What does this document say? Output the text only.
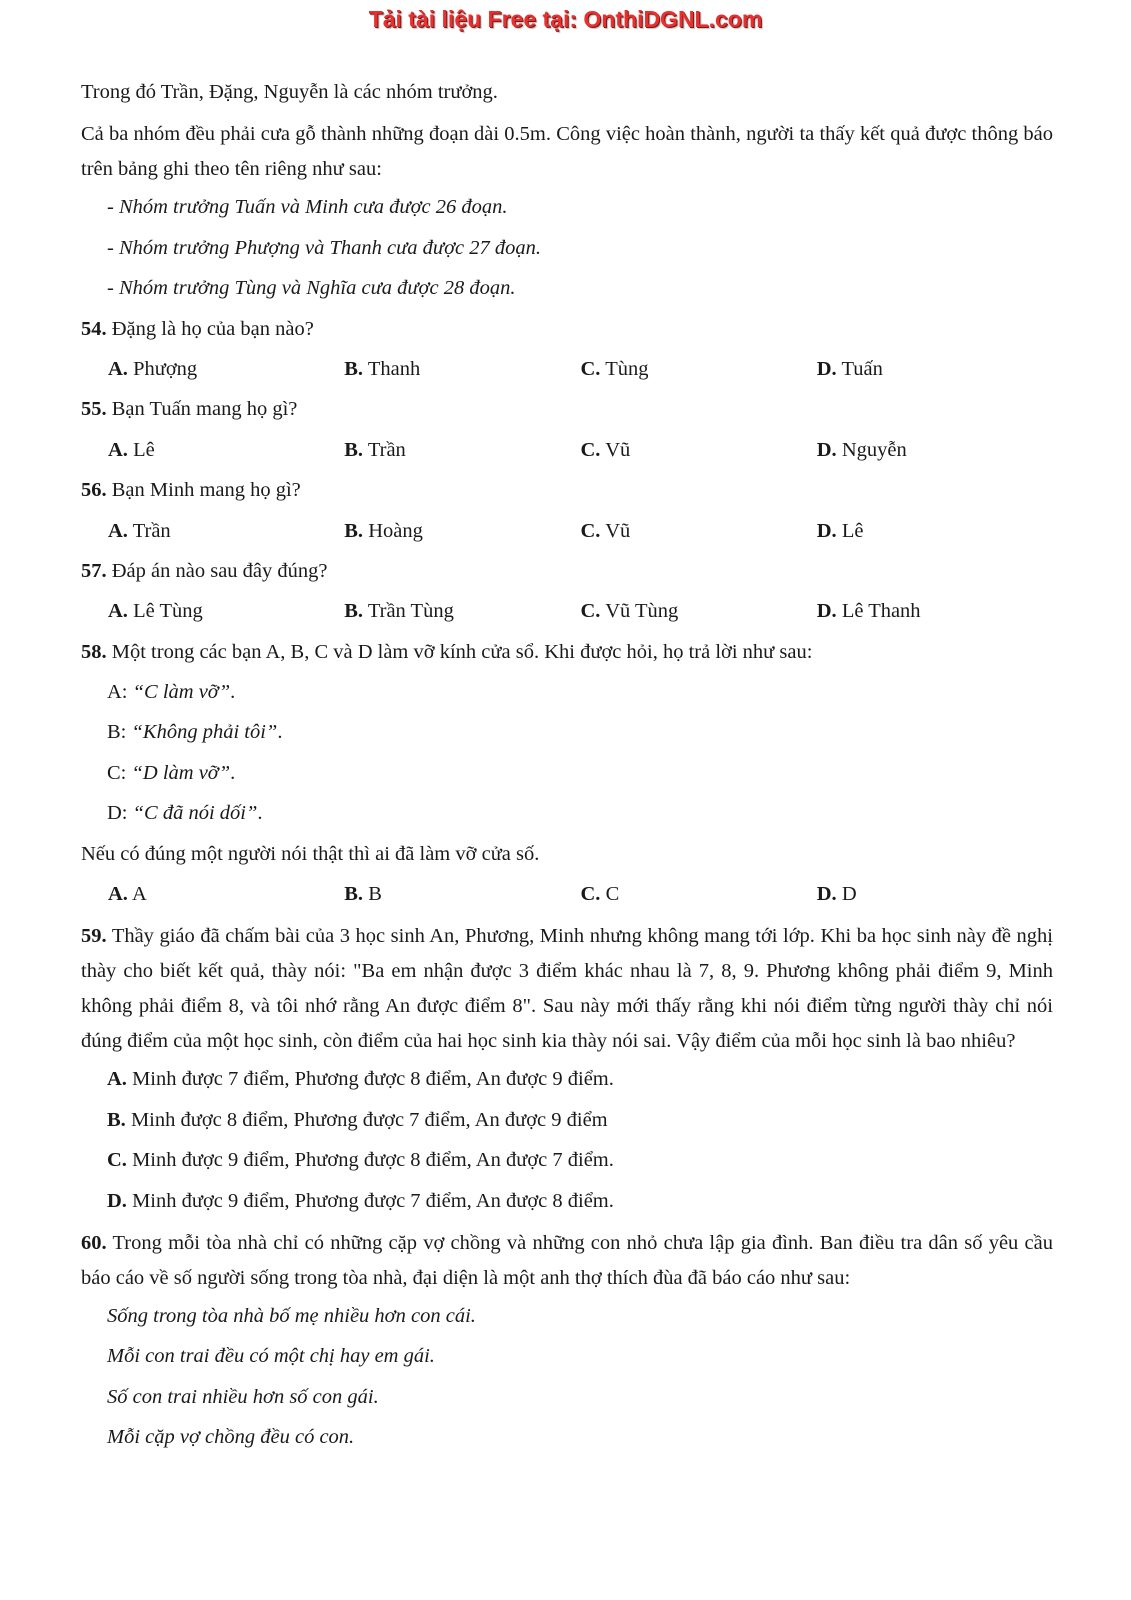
Tải tài liệu Free tại: OnthiDGNL.com
Trong đó Trần, Đặng, Nguyễn là các nhóm trưởng.
Cả ba nhóm đều phải cưa gỗ thành những đoạn dài 0.5m. Công việc hoàn thành, người ta thấy kết quả được thông báo trên bảng ghi theo tên riêng như sau:
- Nhóm trưởng Tuấn và Minh cưa được 26 đoạn.
- Nhóm trưởng Phượng và Thanh cưa được 27 đoạn.
- Nhóm trưởng Tùng và Nghĩa cưa được 28 đoạn.
54. Đặng là họ của bạn nào?
A. Phượng	B. Thanh	C. Tùng	D. Tuấn
55. Bạn Tuấn mang họ gì?
A. Lê	B. Trần	C. Vũ	D. Nguyễn
56. Bạn Minh mang họ gì?
A. Trần	B. Hoàng	C. Vũ	D. Lê
57. Đáp án nào sau đây đúng?
A. Lê Tùng	B. Trần Tùng	C. Vũ Tùng	D. Lê Thanh
58. Một trong các bạn A, B, C và D làm vỡ kính cửa sổ. Khi được hỏi, họ trả lời như sau:
A: “C làm vỡ”.
B: “Không phải tôi”.
C: “D làm vỡ”.
D: “C đã nói dối”.
Nếu có đúng một người nói thật thì ai đã làm vỡ cửa số.
A. A	B. B	C. C	D. D
59. Thầy giáo đã chấm bài của 3 học sinh An, Phương, Minh nhưng không mang tới lớp. Khi ba học sinh này đề nghị thày cho biết kết quả, thày nói: "Ba em nhận được 3 điểm khác nhau là 7, 8, 9. Phương không phải điểm 9, Minh không phải điểm 8, và tôi nhớ rằng An được điểm 8". Sau này mới thấy rằng khi nói điểm từng người thày chỉ nói đúng điểm của một học sinh, còn điểm của hai học sinh kia thày nói sai. Vậy điểm của mỗi học sinh là bao nhiêu?
A. Minh được 7 điểm, Phương được 8 điểm, An được 9 điểm.
B. Minh được 8 điểm, Phương được 7 điểm, An được 9 điểm
C. Minh được 9 điểm, Phương được 8 điểm, An được 7 điểm.
D. Minh được 9 điểm, Phương được 7 điểm, An được 8 điểm.
60. Trong mỗi tòa nhà chỉ có những cặp vợ chồng và những con nhỏ chưa lập gia đình. Ban điều tra dân số yêu cầu báo cáo về số người sống trong tòa nhà, đại diện là một anh thợ thích đùa đã báo cáo như sau:
Sống trong tòa nhà bố mẹ nhiều hơn con cái.
Mỗi con trai đều có một chị hay em gái.
Số con trai nhiều hơn số con gái.
Mỗi cặp vợ chồng đều có con.
